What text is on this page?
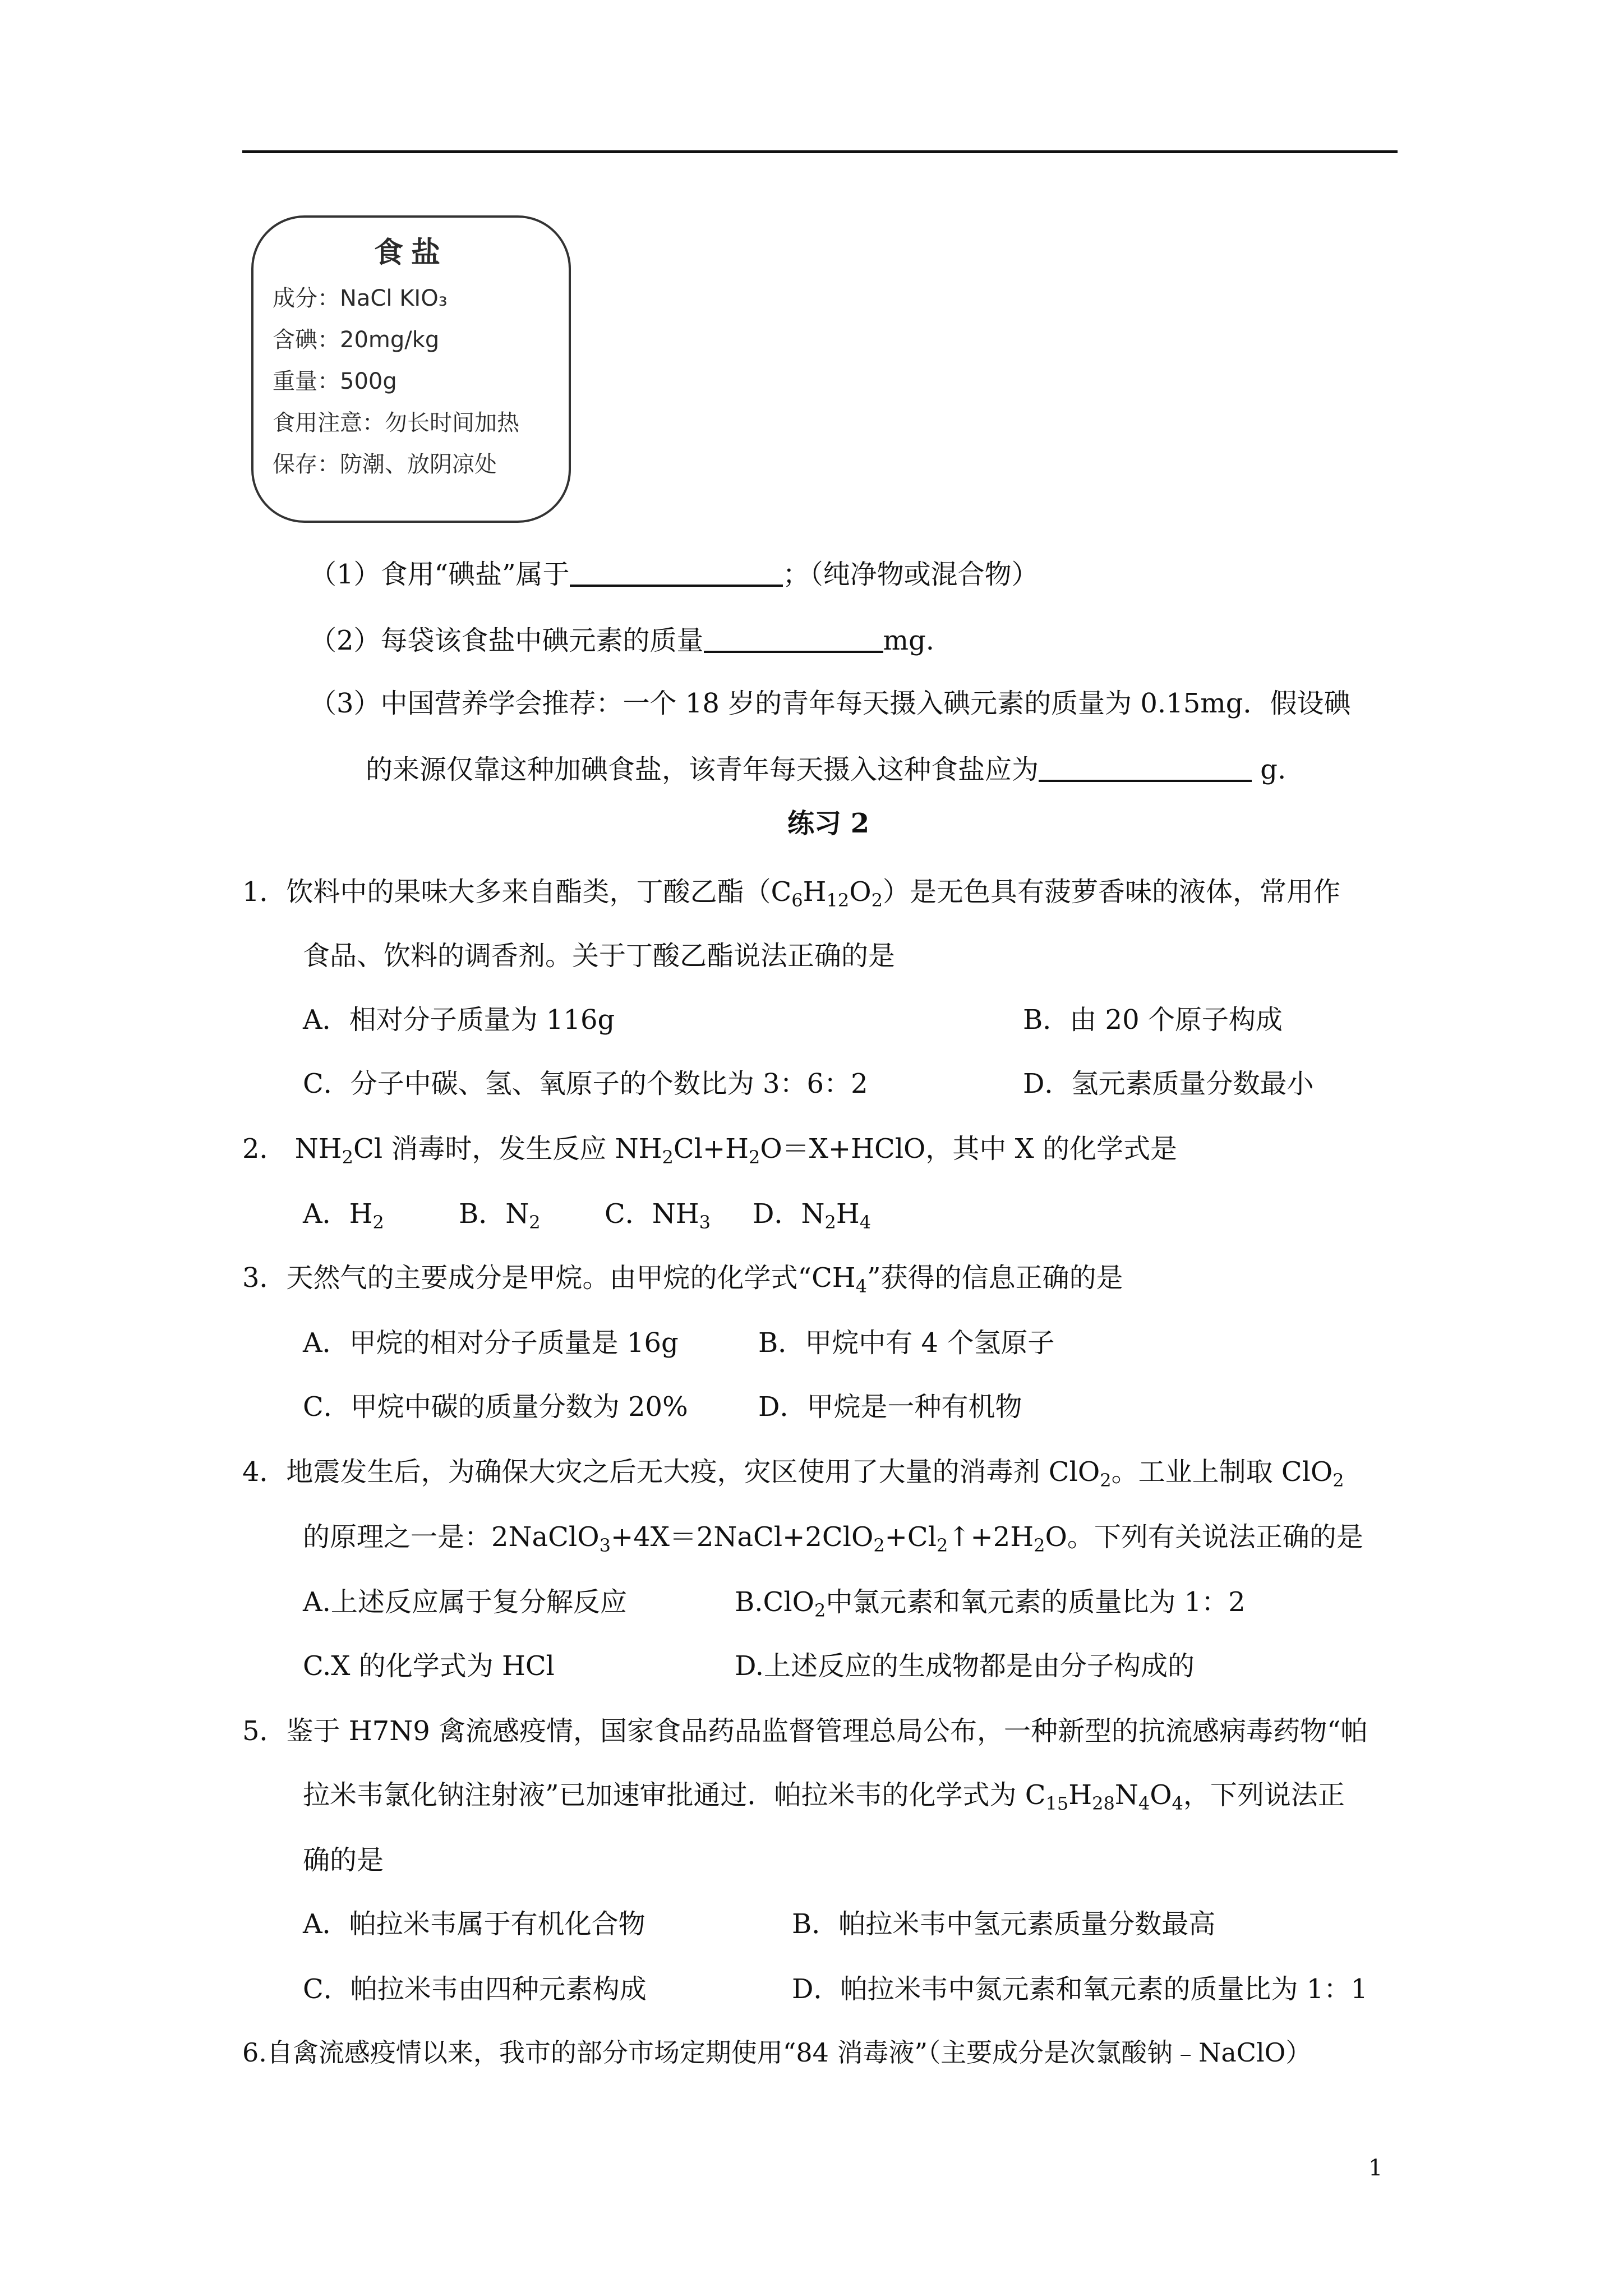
食盐
成分：NaCl KIO₃
含碘：20mg/kg
重量：500g
食用注意：勿长时间加热
保存：防潮、放阴凉处
（1）食用“碘盐”属于	；（纯净物或混合物）
（2）每袋该食盐中碘元素的质量	mg.
（3）中国营养学会推荐：一个 18 岁的青年每天摄入碘元素的质量为 0.15mg．假设碘
的来源仅靠这种加碘食盐，该青年每天摄入这种食盐应为	g.
练习 2
1．饮料中的果味大多来自酯类，丁酸乙酯$(C_6H_{12}O_2)$是无色具有菠萝香味的液体，常用作
食品、饮料的调香剂。关于丁酸乙酯说法正确的是
A．相对分子质量为 116g	B．由 20 个原子构成
C．分子中碳、氢、氧原子的个数比为 3：6：2	D．氢元素质量分数最小
2． $NH_2Cl$ 消毒时，发生反应 $NH_2Cl+H_2O=X+HClO$，其中 X 的化学式是
A．$H_2$	B．$N_2$ C．$NH_3$ D．$N_2H_4$
3．天然气的主要成分是甲烷。由甲烷的化学式“$CH_4$”获得的信息正确的是
A．甲烷的相对分子质量是 16g	B．甲烷中有 4 个氢原子
C．甲烷中碳的质量分数为 20%	D．甲烷是一种有机物
4．地震发生后，为确保大灾之后无大疫，灾区使用了大量的消毒剂 ClO$_2$。工业上制取 ClO$_2$
的原理之一是：$2NaClO_3+4X=2NaCl+2ClO_2+Cl_2↑+2H_2O$。下列有关说法正确的是
A.上述反应属于复分解反应	B.ClO$_2$中氯元素和氧元素的质量比为 1：2
C.X 的化学式为 HCl	D.上述反应的生成物都是由分子构成的
5．鉴于 H7N9 禽流感疫情，国家食品药品监督管理总局公布，一种新型的抗流感病毒药物“帕
拉米韦氯化钠注射液”已加速审批通过．帕拉米韦的化学式为 $C_{15}H_{28}N_4O_4$，下列说法正
确的是
A．帕拉米韦属于有机化合物	B．帕拉米韦中氢元素质量分数最高
C．帕拉米韦由四种元素构成	D．帕拉米韦中氮元素和氧元素的质量比为 1：1
6.自禽流感疫情以来，我市的部分市场定期使用“84 消毒液”（主要成分是次氯酸钠﹣NaClO）
1
